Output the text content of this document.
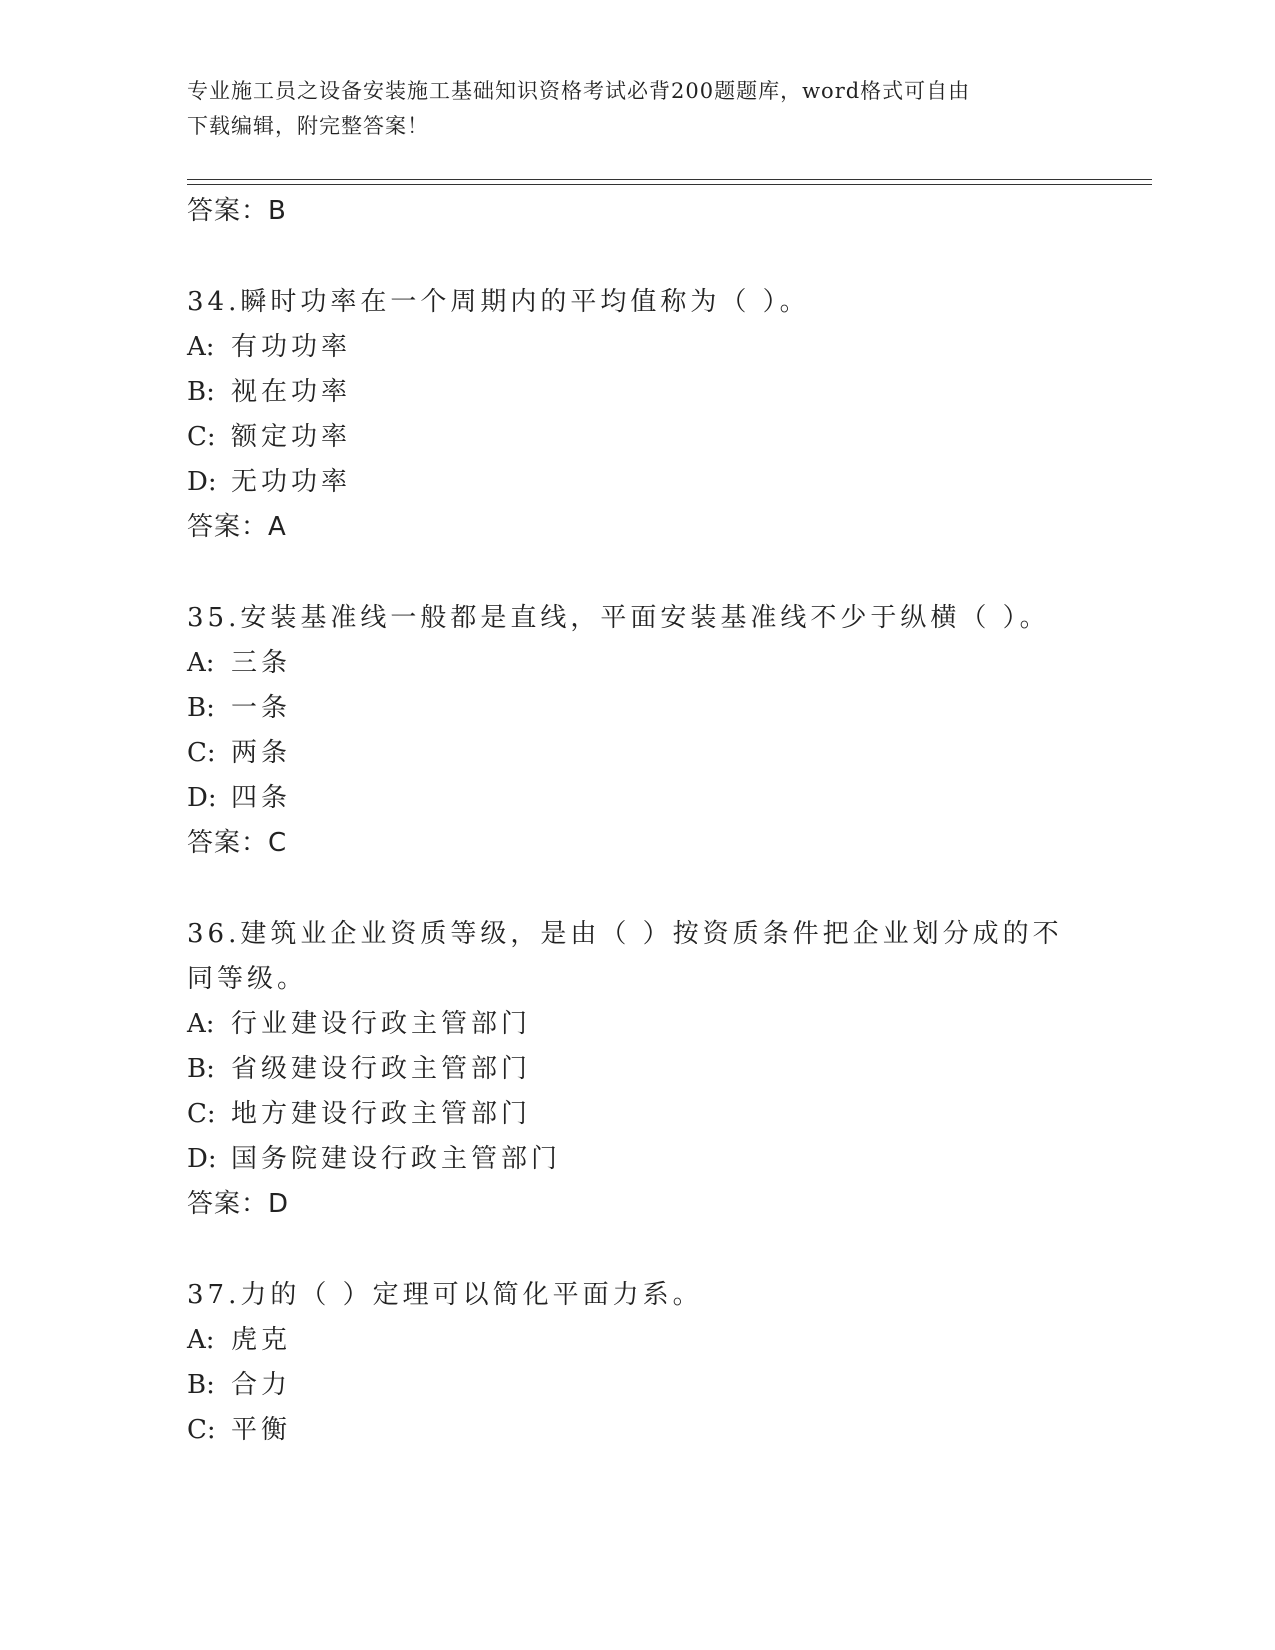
专业施工员之设备安装施工基础知识资格考试必背200题题库，word格式可自由
下载编辑，附完整答案！
答案：B
34.瞬时功率在一个周期内的平均值称为（ ）。
A: 有功功率
B: 视在功率
C: 额定功率
D: 无功功率
答案：A
35.安装基准线一般都是直线，平面安装基准线不少于纵横（ ）。
A: 三条
B: 一条
C: 两条
D: 四条
答案：C
36.建筑业企业资质等级，是由（ ）按资质条件把企业划分成的不同等级。
A: 行业建设行政主管部门
B: 省级建设行政主管部门
C: 地方建设行政主管部门
D: 国务院建设行政主管部门
答案：D
37.力的（ ）定理可以简化平面力系。
A: 虎克
B: 合力
C: 平衡
